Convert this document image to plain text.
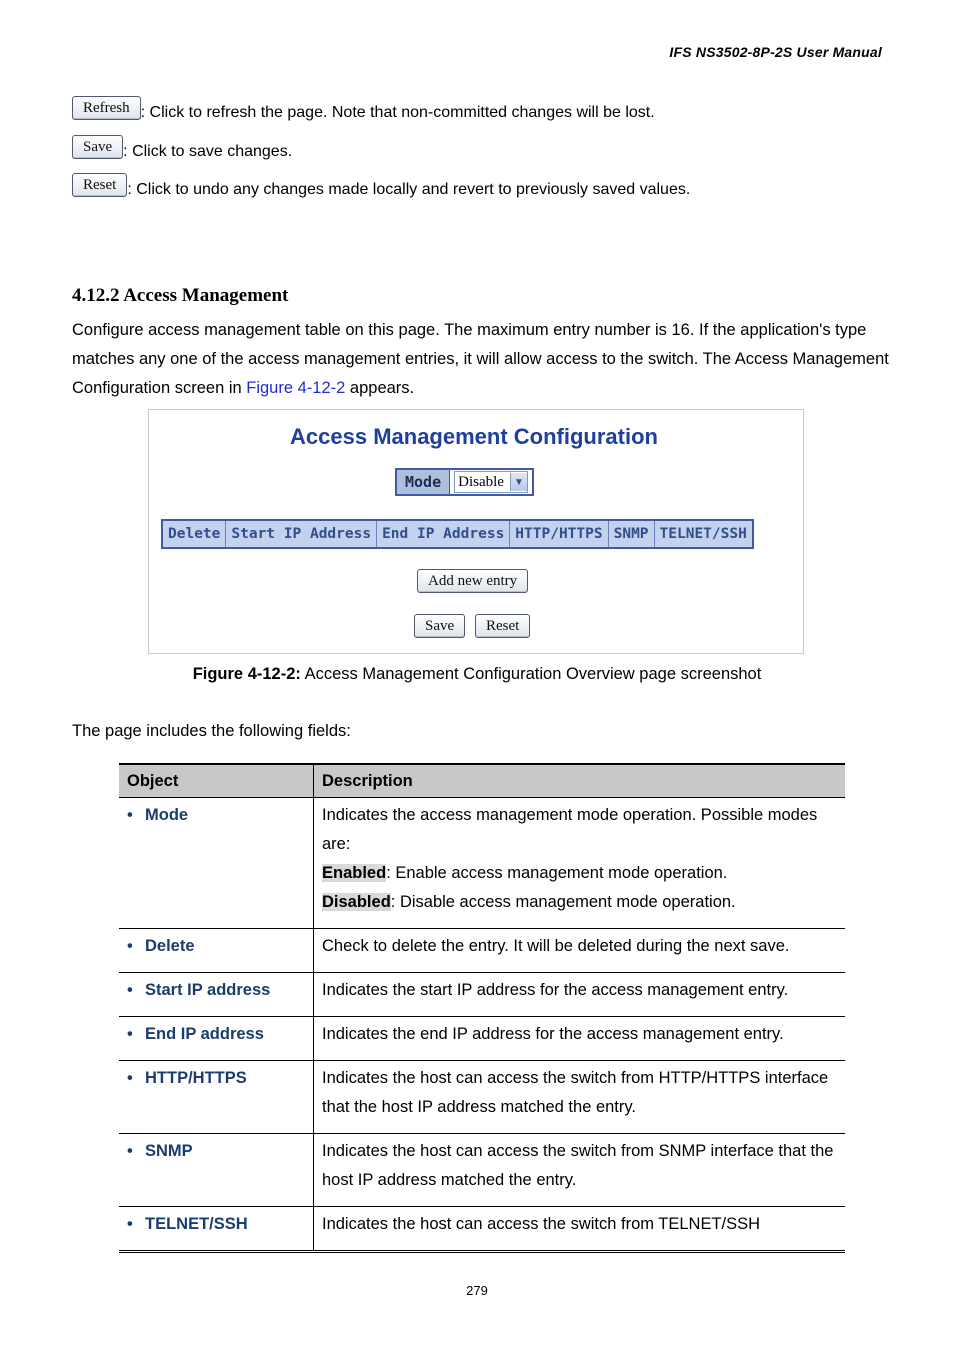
IFS NS3502-8P-2S User Manual
Refresh : Click to refresh the page. Note that non-committed changes will be lost.
Save : Click to save changes.
Reset : Click to undo any changes made locally and revert to previously saved values.
4.12.2 Access Management
Configure access management table on this page. The maximum entry number is 16. If the application's type matches any one of the access management entries, it will allow access to the switch. The Access Management Configuration screen in Figure 4-12-2 appears.
Access Management Configuration
Mode	Disable	▼
Delete	Start IP Address	End IP Address	HTTP/HTTPS	SNMP	TELNET/SSH
Add new entry
Save	Reset
Figure 4-12-2: Access Management Configuration Overview page screenshot
The page includes the following fields:
Object	Description
• Mode	Indicates the access management mode operation. Possible modes are:
Enabled: Enable access management mode operation.
Disabled: Disable access management mode operation.

• Delete	Check to delete the entry. It will be deleted during the next save.
• Start IP address	Indicates the start IP address for the access management entry.
• End IP address	Indicates the end IP address for the access management entry.
• HTTP/HTTPS	Indicates the host can access the switch from HTTP/HTTPS interface that the host IP address matched the entry.
• SNMP	Indicates the host can access the switch from SNMP interface that the host IP address matched the entry.
• TELNET/SSH	Indicates the host can access the switch from TELNET/SSH
279
